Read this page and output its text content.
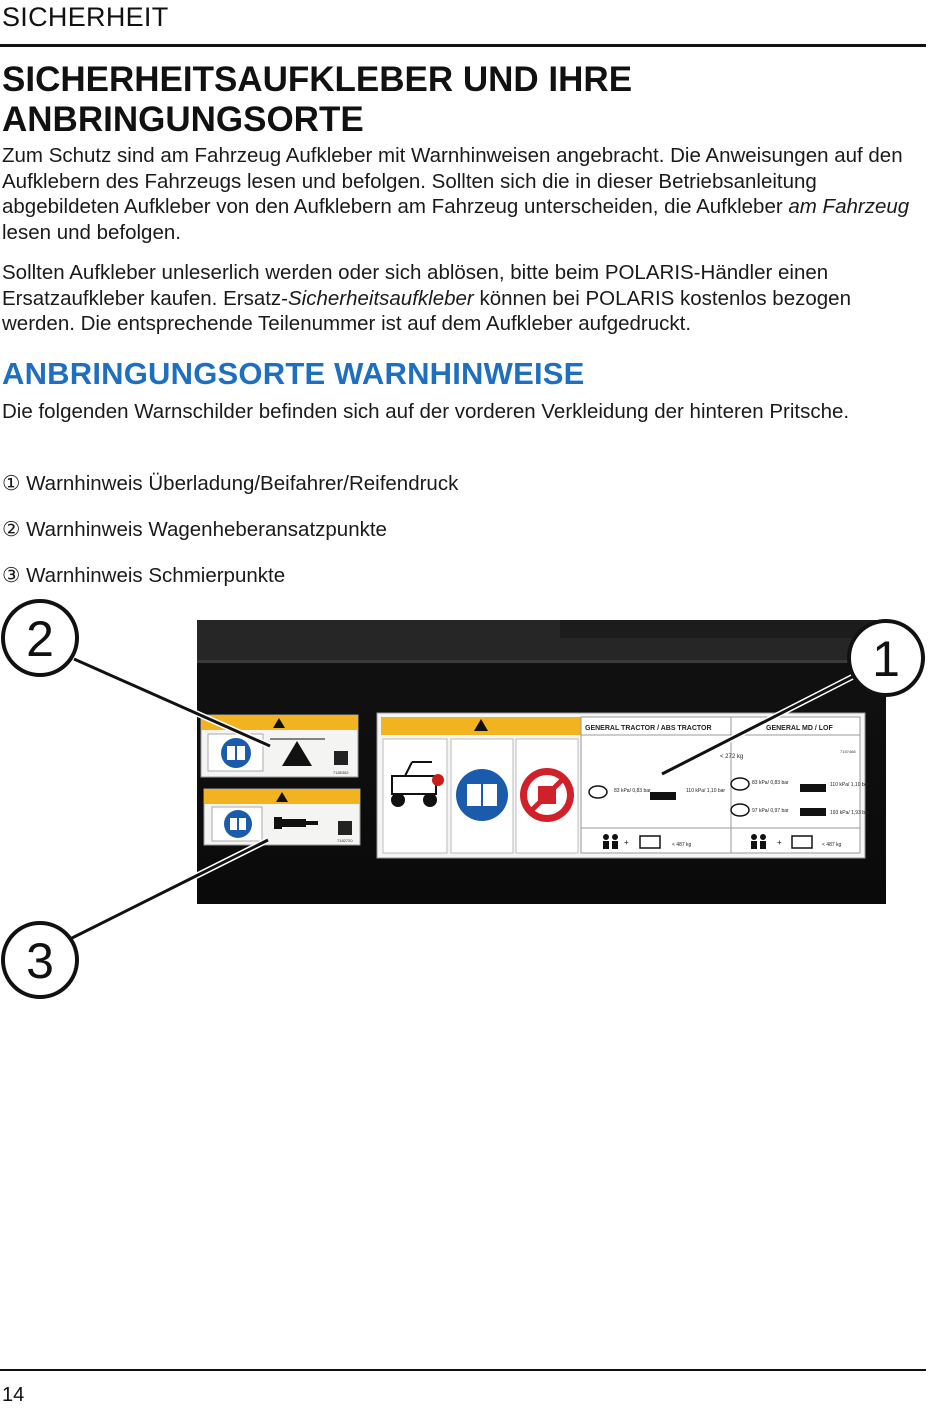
SICHERHEIT
SICHERHEITSAUFKLEBER UND IHRE ANBRINGUNGSORTE
Zum Schutz sind am Fahrzeug Aufkleber mit Warnhinweisen angebracht. Die Anweisungen auf den Aufklebern des Fahrzeugs lesen und befolgen. Sollten sich die in dieser Betriebsanleitung abgebildeten Aufkleber von den Aufklebern am Fahrzeug unterscheiden, die Aufkleber am Fahrzeug lesen und befolgen.
Sollten Aufkleber unleserlich werden oder sich ablösen, bitte beim POLARIS-Händler einen Ersatzaufkleber kaufen. Ersatz-Sicherheitsaufkleber können bei POLARIS kostenlos bezogen werden. Die entsprechende Teilenummer ist auf dem Aufkleber aufgedruckt.
ANBRINGUNGSORTE WARNHINWEISE
Die folgenden Warnschilder befinden sich auf der vorderen Verkleidung der hinteren Pritsche.
① Warnhinweis Überladung/Beifahrer/Reifendruck
② Warnhinweis Wagenheberansatzpunkte
③ Warnhinweis Schmierpunkte
7185382
7182720
GENERAL TRACTOR / ABS TRACTOR	GENERAL MD / LOF
< 272 kg
7157468
83 kPa/ 0,83 bar	110 kPa/ 1,10 bar
83 kPa/ 0,83 bar	110 kPa/ 1,10 bar
97 kPa/ 0,97 bar	193 kPa/ 1,93 bar
+	+
< 487 kg	< 487 kg
1
2
3
14
